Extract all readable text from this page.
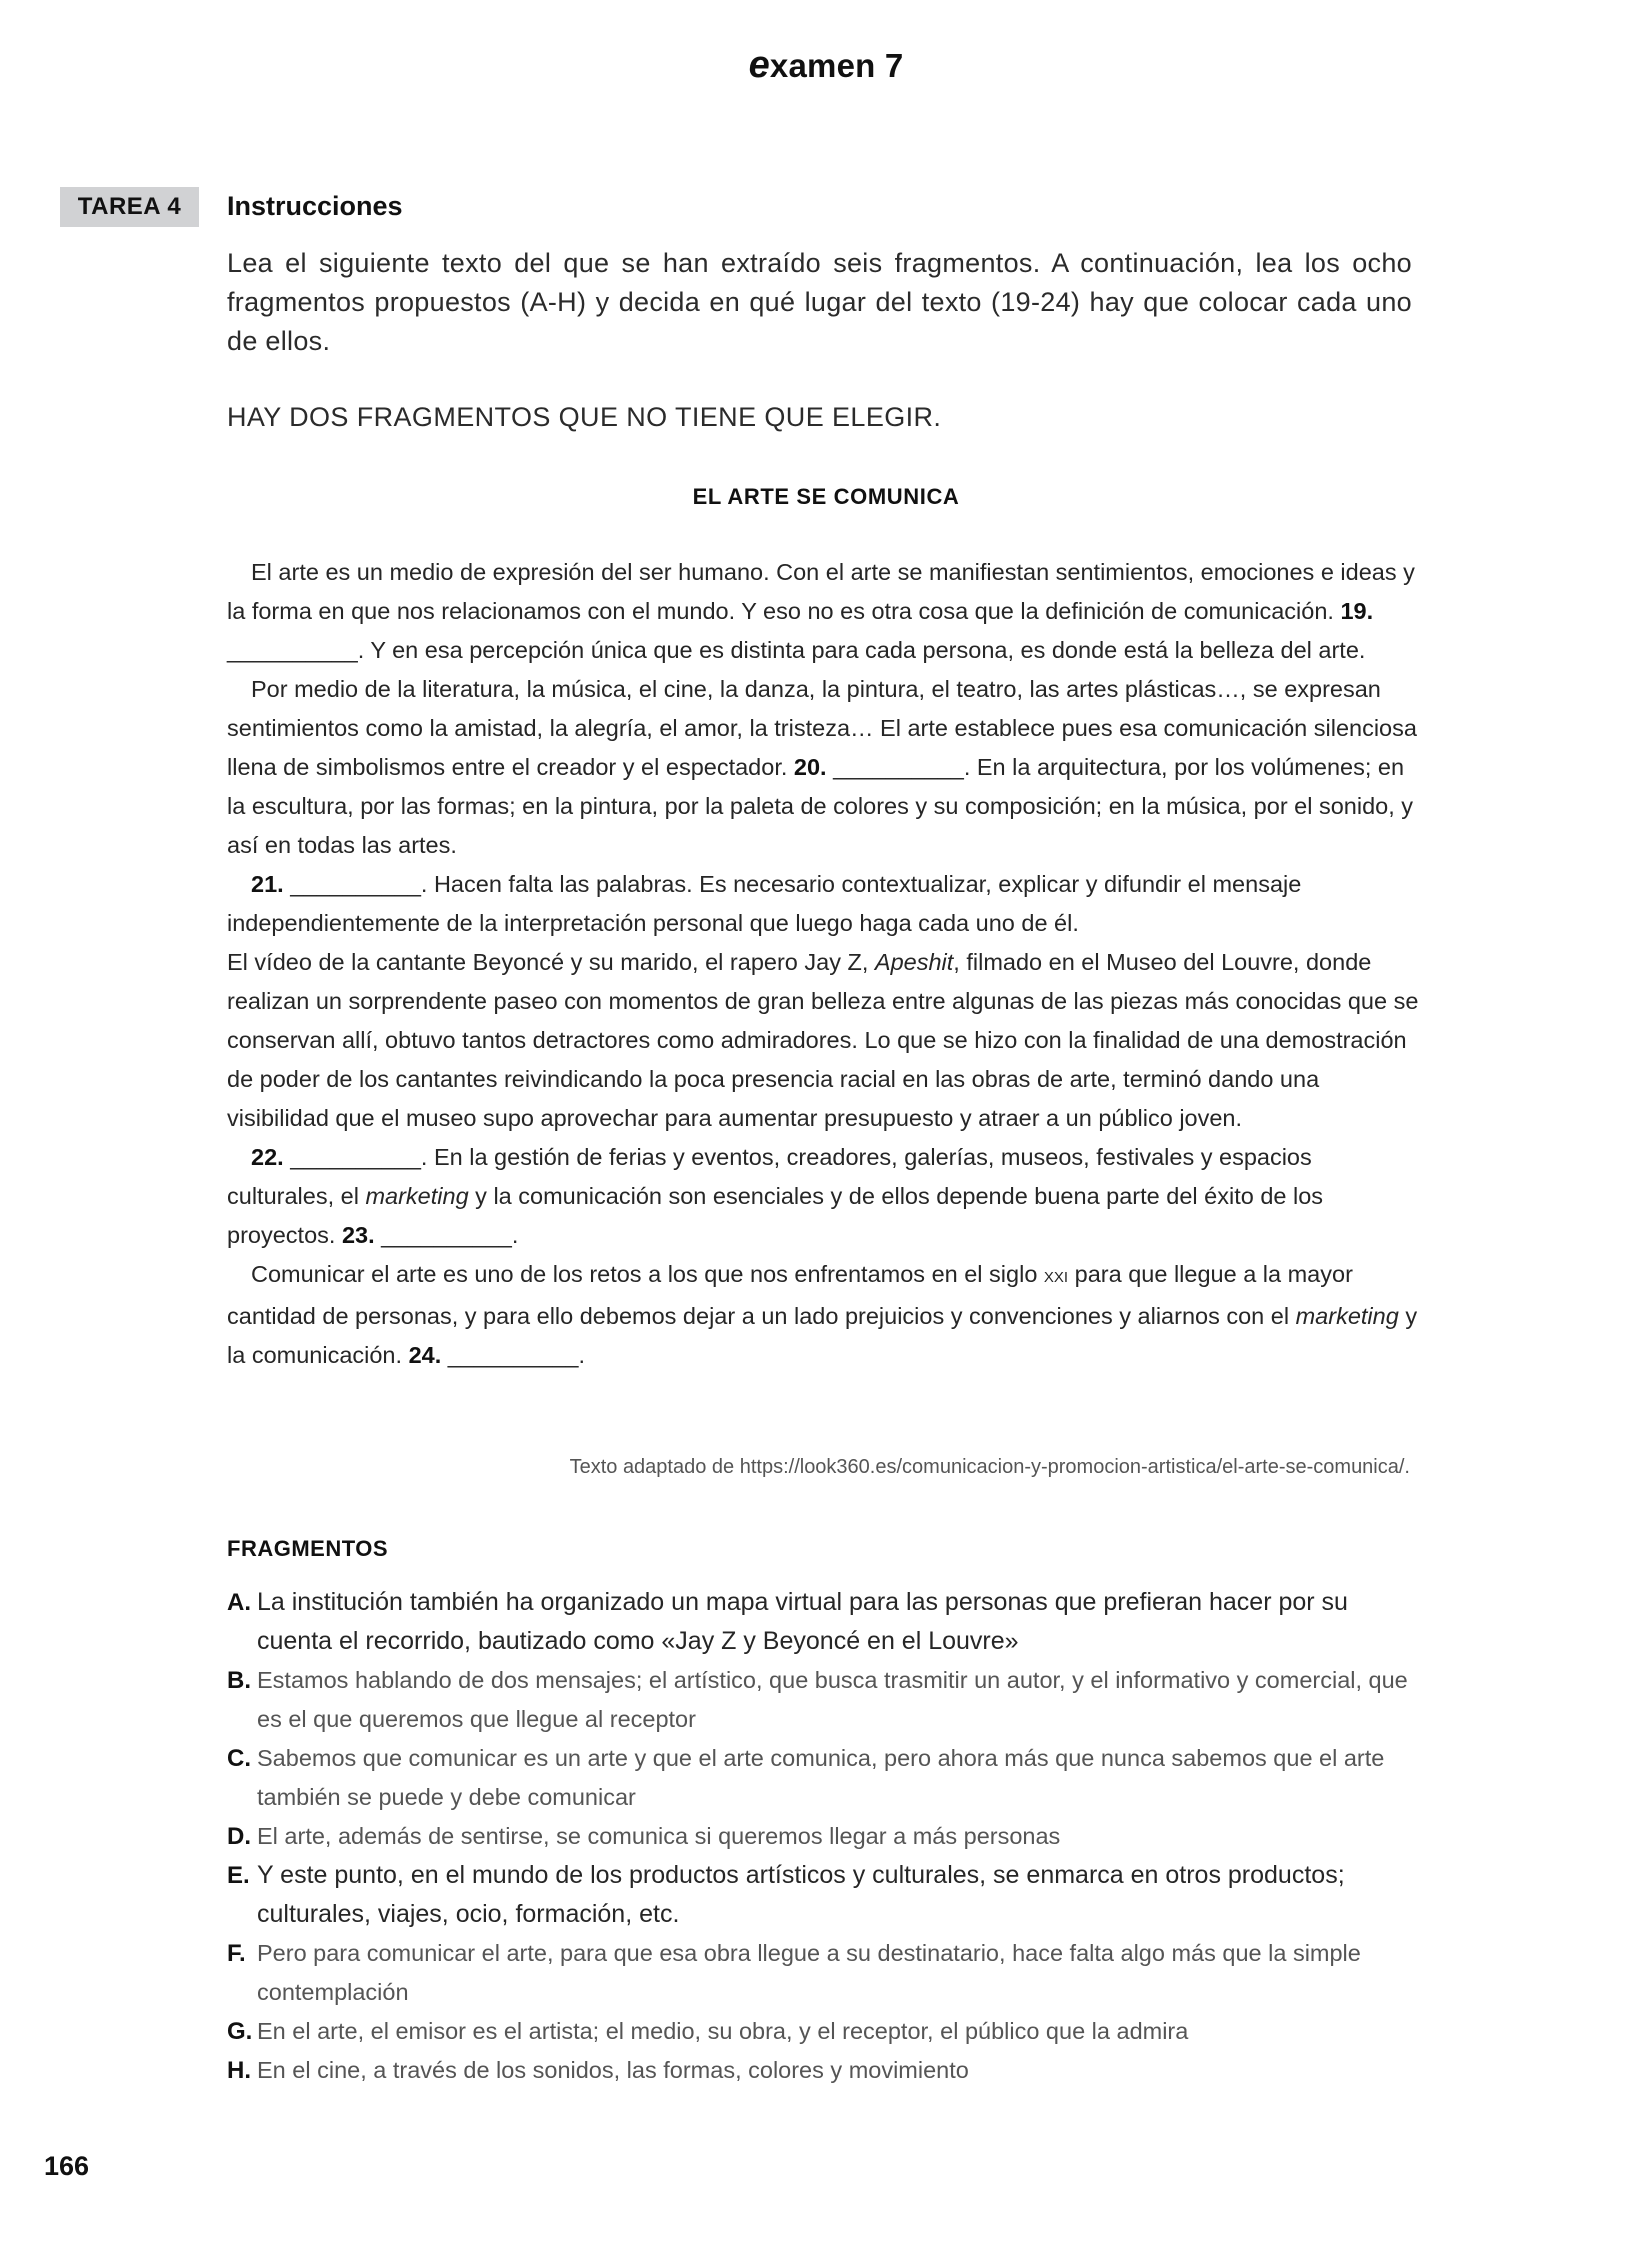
examen 7
TAREA 4	Instrucciones
Lea el siguiente texto del que se han extraído seis fragmentos. A continuación, lea los ocho fragmentos propuestos (A-H) y decida en qué lugar del texto (19-24) hay que colocar cada uno de ellos.
HAY DOS FRAGMENTOS QUE NO TIENE QUE ELEGIR.
EL ARTE SE COMUNICA

El arte es un medio de expresión del ser humano. Con el arte se manifiestan sentimientos, emociones e ideas y la forma en que nos relacionamos con el mundo. Y eso no es otra cosa que la definición de comunicación. 19. __________. Y en esa percepción única que es distinta para cada persona, es donde está la belleza del arte.

Por medio de la literatura, la música, el cine, la danza, la pintura, el teatro, las artes plásticas…, se expresan sentimientos como la amistad, la alegría, el amor, la tristeza… El arte establece pues esa comunicación silenciosa llena de simbolismos entre el creador y el espectador. 20. __________. En la arquitectura, por los volúmenes; en la escultura, por las formas; en la pintura, por la paleta de colores y su composición; en la música, por el sonido, y así en todas las artes.

21. __________. Hacen falta las palabras. Es necesario contextualizar, explicar y difundir el mensaje independientemente de la interpretación personal que luego haga cada uno de él.

El vídeo de la cantante Beyoncé y su marido, el rapero Jay Z, Apeshit, filmado en el Museo del Louvre, donde realizan un sorprendente paseo con momentos de gran belleza entre algunas de las piezas más conocidas que se conservan allí, obtuvo tantos detractores como admiradores. Lo que se hizo con la finalidad de una demostración de poder de los cantantes reivindicando la poca presencia racial en las obras de arte, terminó dando una visibilidad que el museo supo aprovechar para aumentar presupuesto y atraer a un público joven.

22. __________. En la gestión de ferias y eventos, creadores, galerías, museos, festivales y espacios culturales, el marketing y la comunicación son esenciales y de ellos depende buena parte del éxito de los proyectos. 23. __________.

Comunicar el arte es uno de los retos a los que nos enfrentamos en el siglo XXI para que llegue a la mayor cantidad de personas, y para ello debemos dejar a un lado prejuicios y convenciones y aliarnos con el marketing y la comunicación. 24. __________.

Texto adaptado de https://look360.es/comunicacion-y-promocion-artistica/el-arte-se-comunica/.
FRAGMENTOS
A. La institución también ha organizado un mapa virtual para las personas que prefieran hacer por su cuenta el recorrido, bautizado como «Jay Z y Beyoncé en el Louvre»
B. Estamos hablando de dos mensajes; el artístico, que busca trasmitir un autor, y el informativo y comercial, que es el que queremos que llegue al receptor
C. Sabemos que comunicar es un arte y que el arte comunica, pero ahora más que nunca sabemos que el arte también se puede y debe comunicar
D. El arte, además de sentirse, se comunica si queremos llegar a más personas
E. Y este punto, en el mundo de los productos artísticos y culturales, se enmarca en otros productos; culturales, viajes, ocio, formación, etc.
F. Pero para comunicar el arte, para que esa obra llegue a su destinatario, hace falta algo más que la simple contemplación
G. En el arte, el emisor es el artista; el medio, su obra, y el receptor, el público que la admira
H. En el cine, a través de los sonidos, las formas, colores y movimiento
166
